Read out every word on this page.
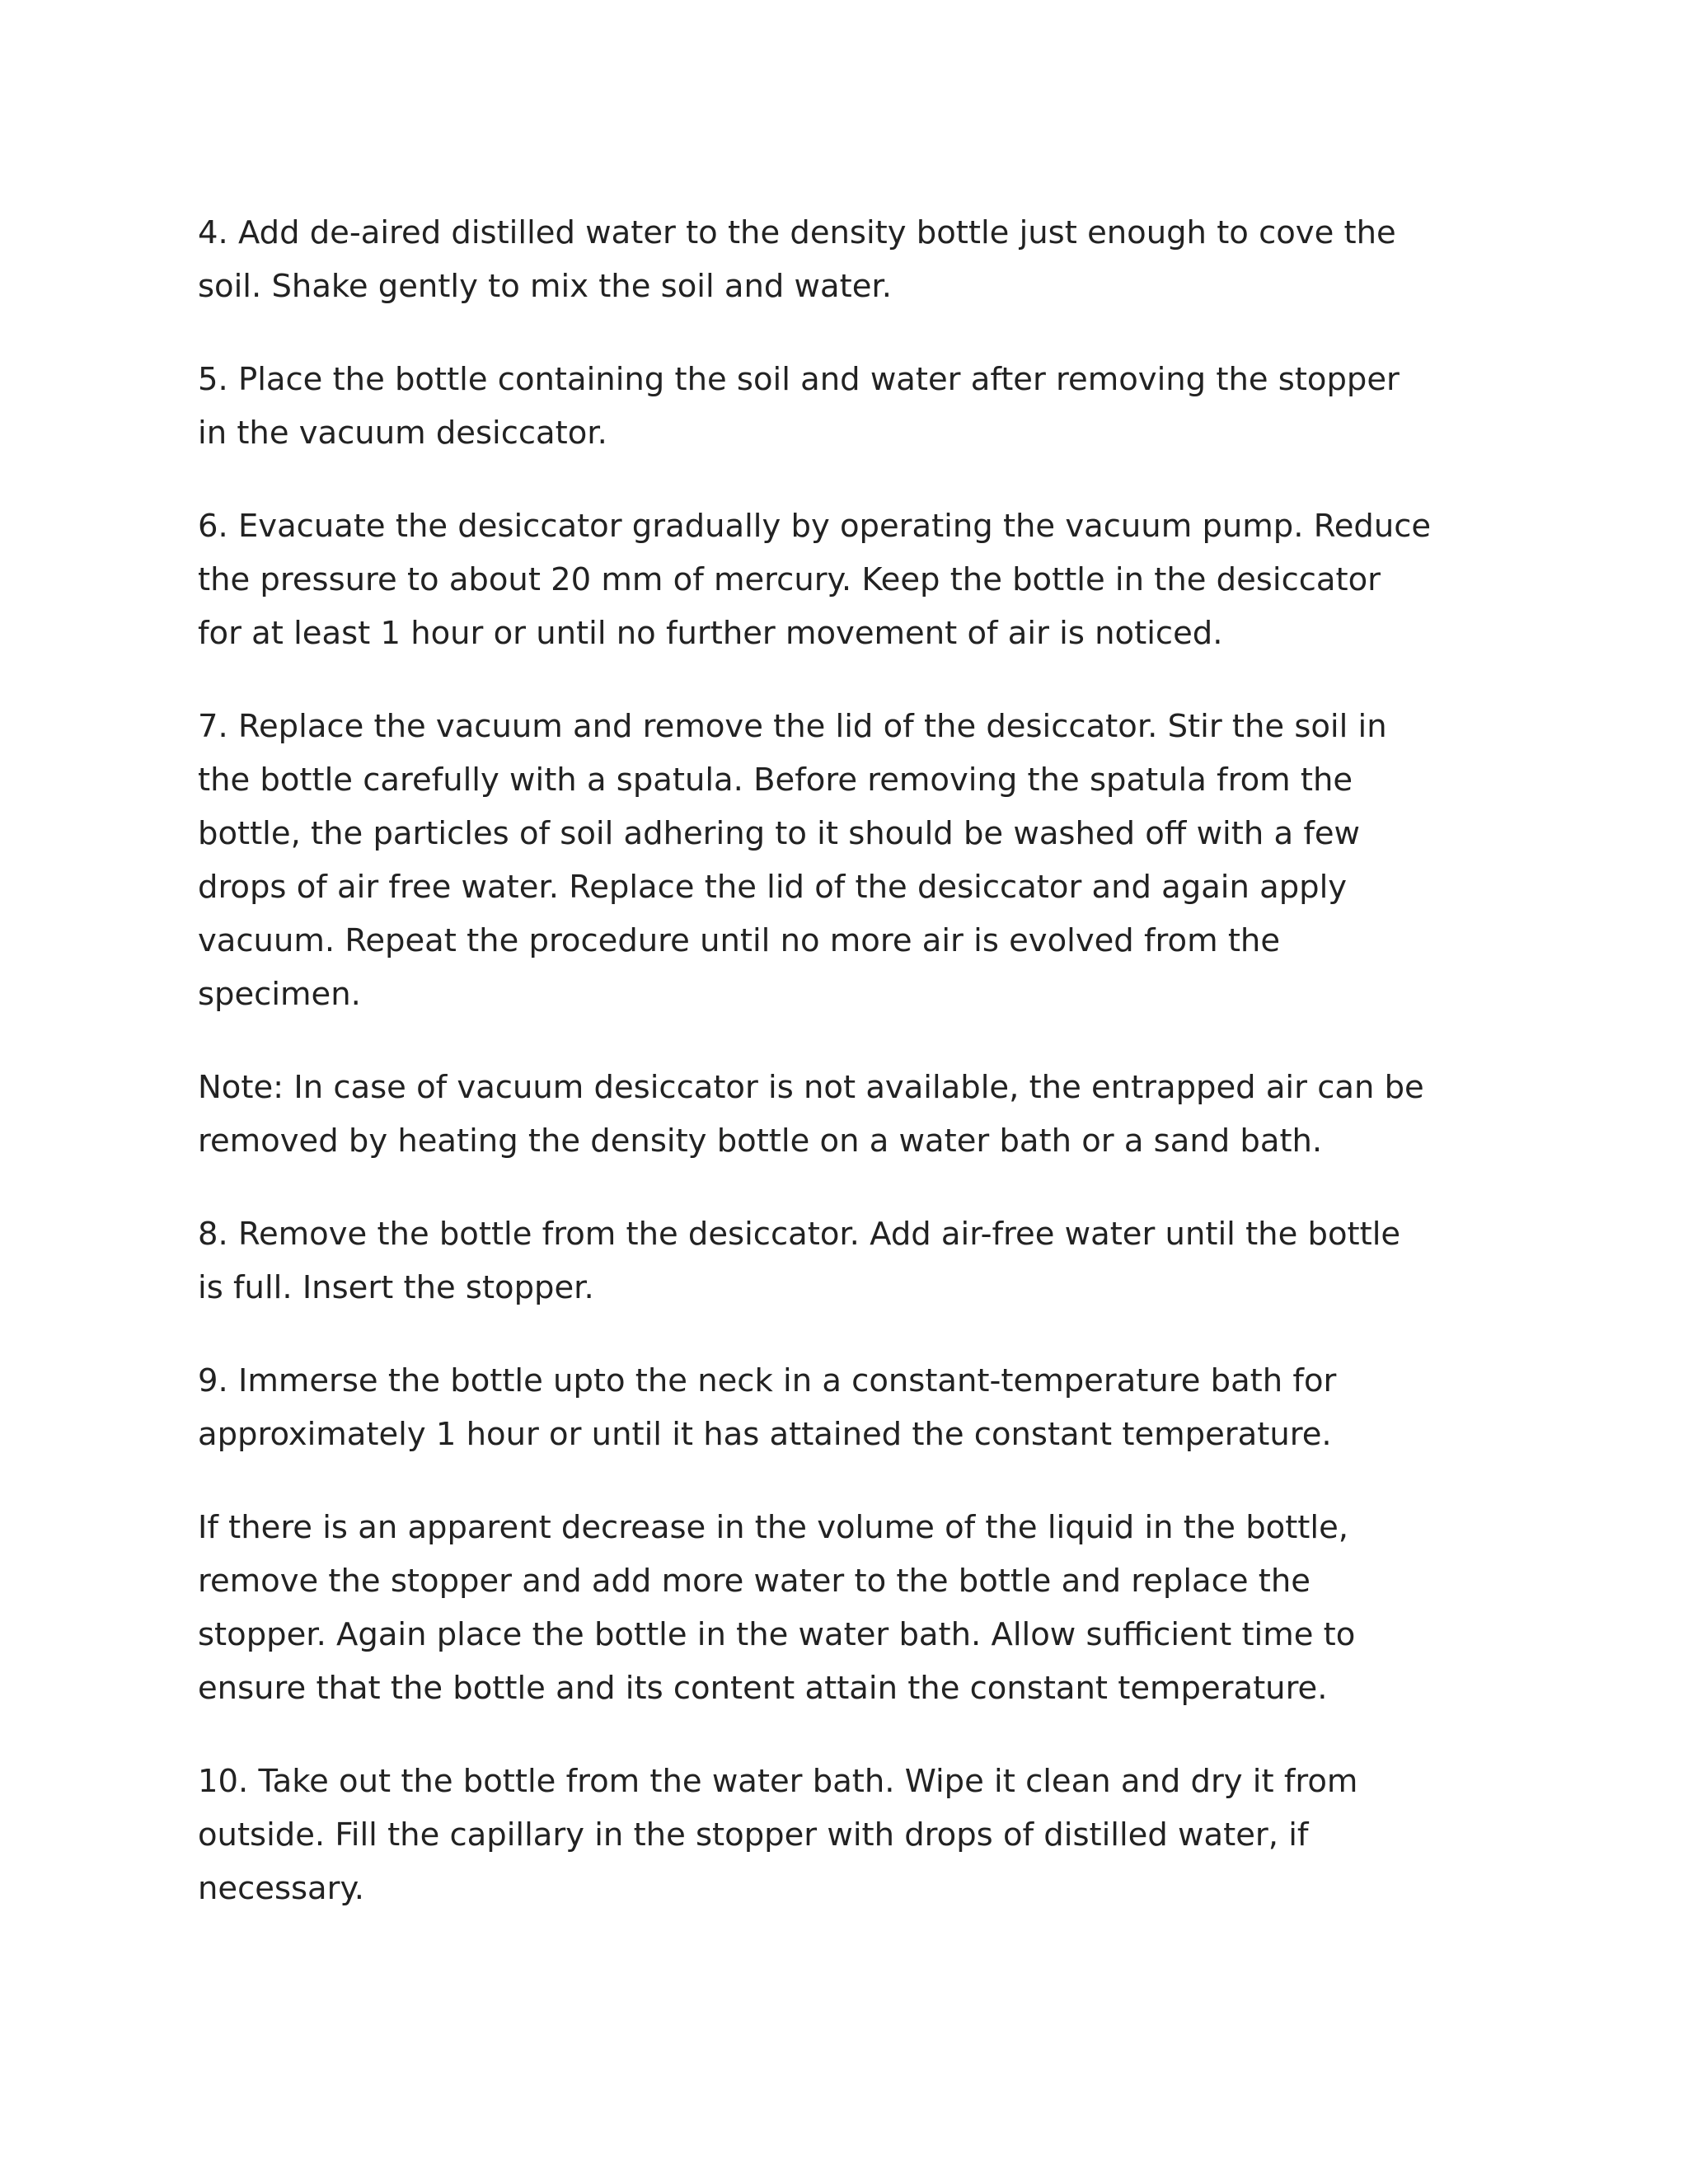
4. Add de-aired distilled water to the density bottle just enough to cove the
soil. Shake gently to mix the soil and water.

5. Place the bottle containing the soil and water after removing the stopper
in the vacuum desiccator.

6. Evacuate the desiccator gradually by operating the vacuum pump. Reduce
the pressure to about 20 mm of mercury. Keep the bottle in the desiccator
for at least 1 hour or until no further movement of air is noticed.

7. Replace the vacuum and remove the lid of the desiccator. Stir the soil in
the bottle carefully with a spatula. Before removing the spatula from the
bottle, the particles of soil adhering to it should be washed off with a few
drops of air free water. Replace the lid of the desiccator and again apply
vacuum. Repeat the procedure until no more air is evolved from the
specimen.

Note: In case of vacuum desiccator is not available, the entrapped air can be
removed by heating the density bottle on a water bath or a sand bath.

8. Remove the bottle from the desiccator. Add air-free water until the bottle
is full. Insert the stopper.

9. Immerse the bottle upto the neck in a constant-temperature bath for
approximately 1 hour or until it has attained the constant temperature.

If there is an apparent decrease in the volume of the liquid in the bottle,
remove the stopper and add more water to the bottle and replace the
stopper. Again place the bottle in the water bath. Allow sufficient time to
ensure that the bottle and its content attain the constant temperature.

10. Take out the bottle from the water bath. Wipe it clean and dry it from
outside. Fill the capillary in the stopper with drops of distilled water, if
necessary.
